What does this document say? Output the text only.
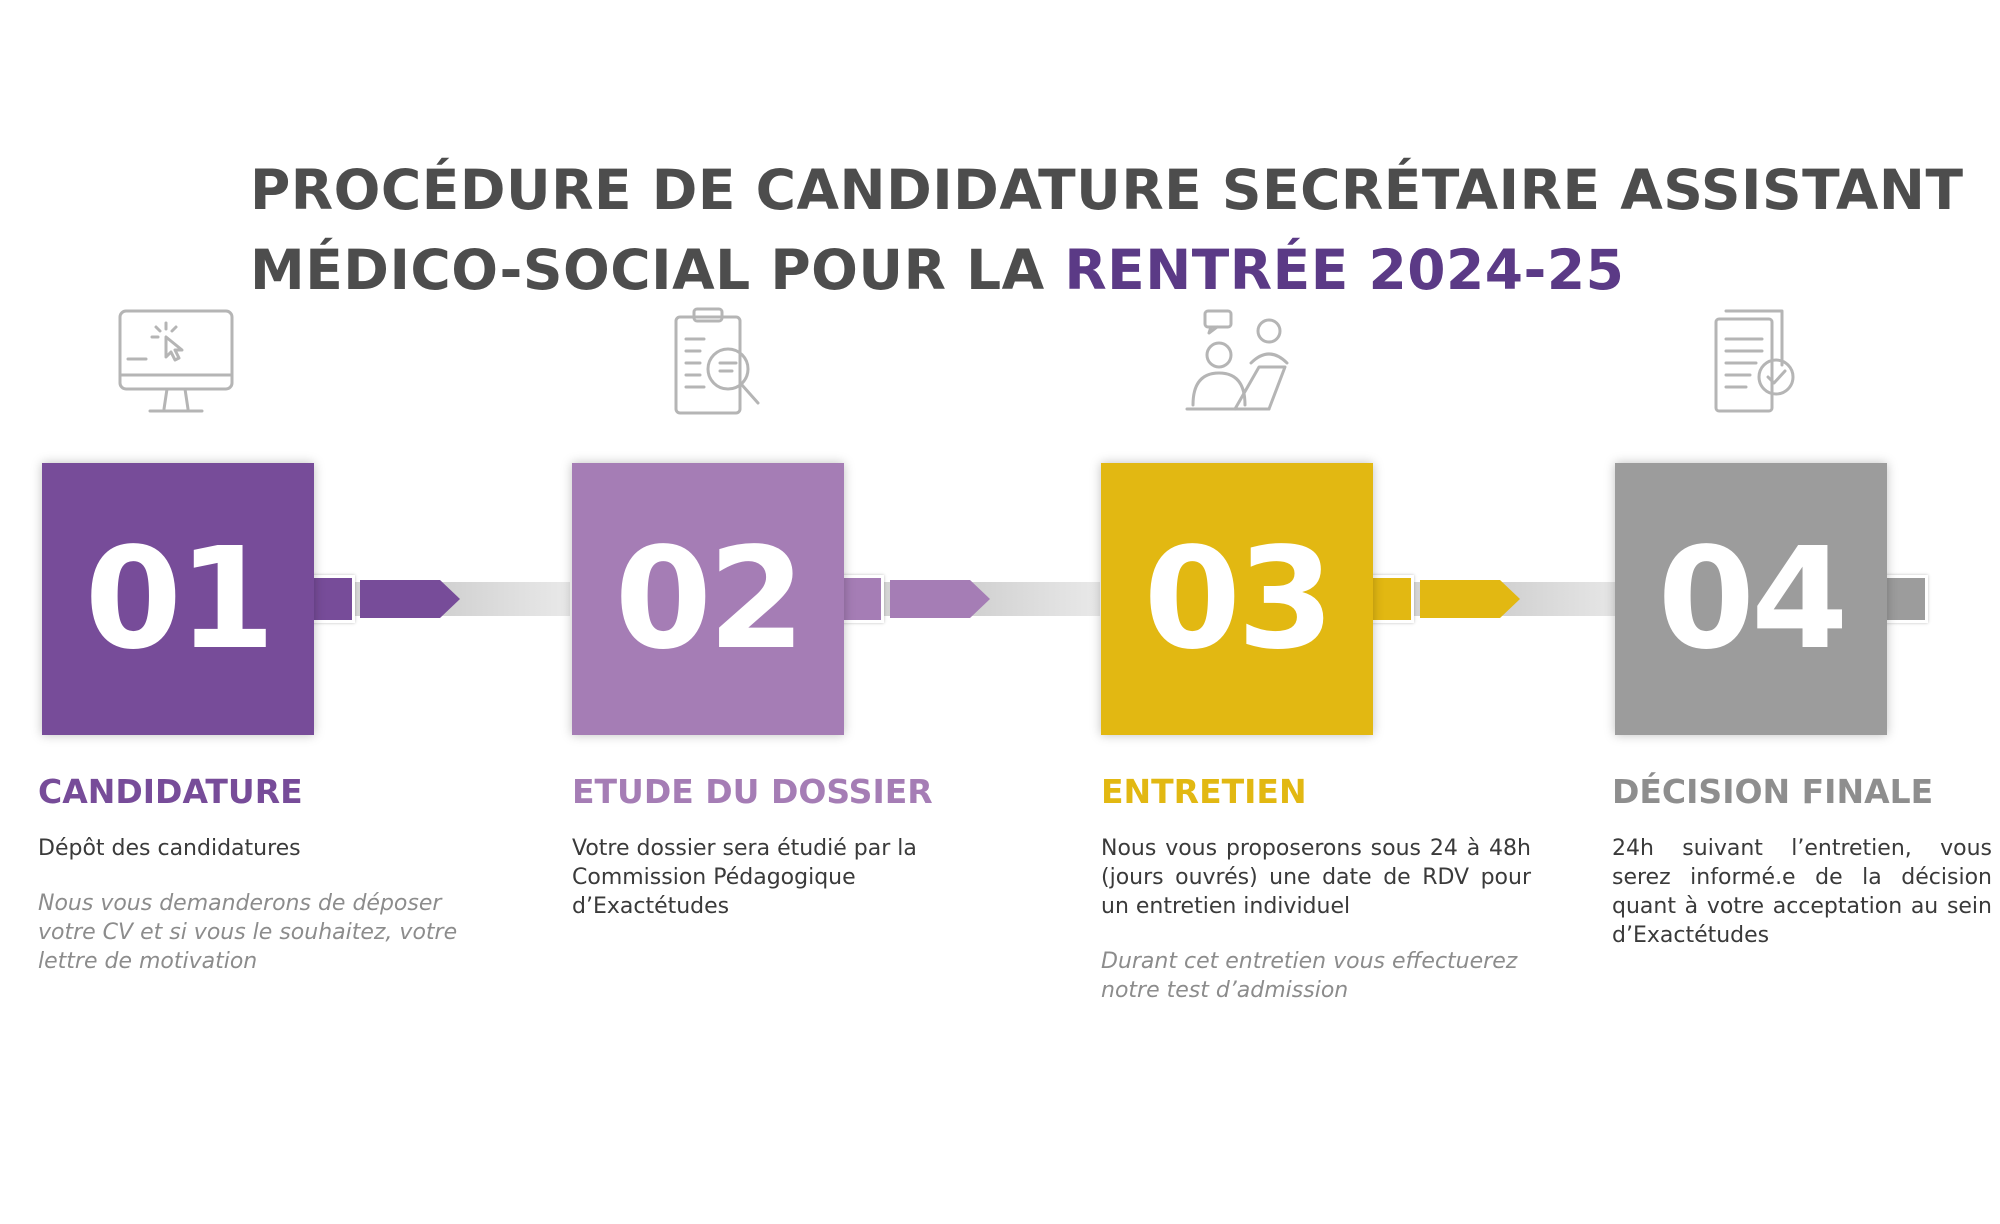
PROCÉDURE DE CANDIDATURE SECRÉTAIRE ASSISTANT
MÉDICO-SOCIAL POUR LA RENTRÉE 2024-25
01 02 03 04
CANDIDATURE

Dépôt des candidatures

Nous vous demanderons de déposer votre CV et si vous le souhaitez, votre lettre de motivation

ETUDE DU DOSSIER

Votre dossier sera étudié par la Commission Pédagogique d’Exactétudes

ENTRETIEN

Nous vous proposerons sous 24 à 48h (jours ouvrés) une date de RDV pour un entretien individuel

Durant cet entretien vous effectuerez notre test d’admission

DÉCISION FINALE

24h suivant l’entretien, vous serez informé.e de la décision quant à votre acceptation au sein d’Exactétudes
